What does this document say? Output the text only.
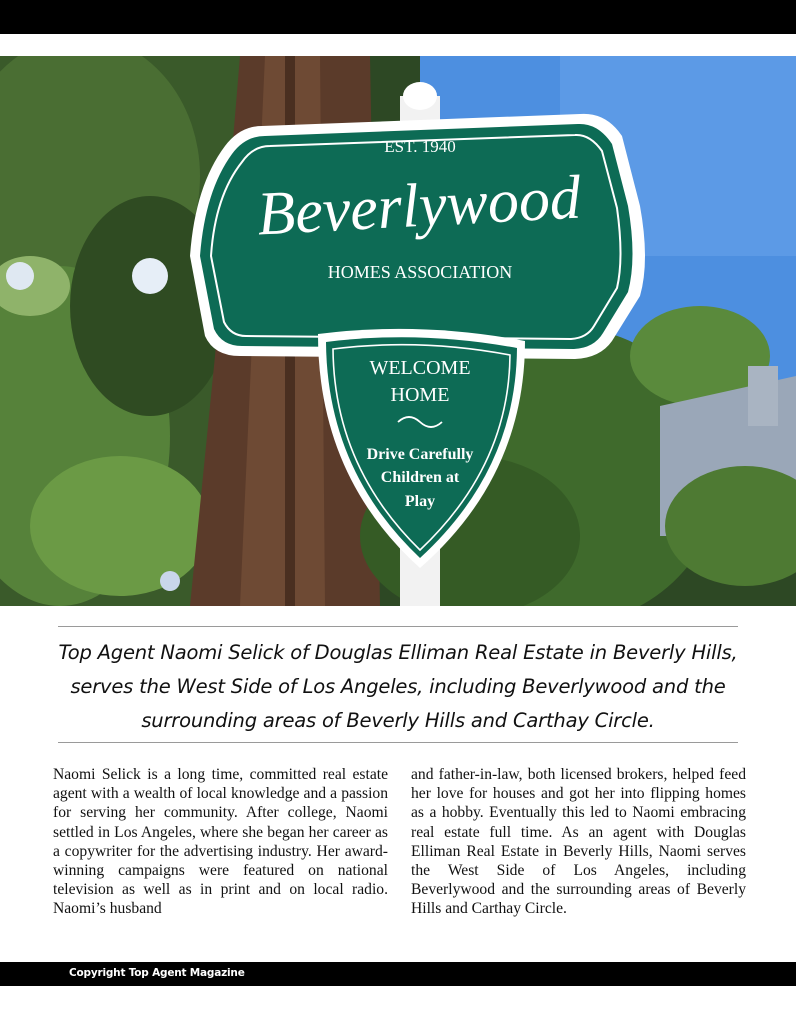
EST. 1940
Beverlywood
HOMES ASSOCIATION
WELCOME
HOME
Drive Carefully
Children at
Play
Top Agent Naomi Selick of Douglas Elliman Real Estate in Beverly Hills, serves the West Side of Los Angeles, including Beverlywood and the surrounding areas of Beverly Hills and Carthay Circle.
Naomi Selick is a long time, committed real estate agent with a wealth of local knowledge and a passion for serving her community. After college, Naomi settled in Los Angeles, where she began her career as a copywriter for the advertising industry. Her award-winning campaigns were featured on national television as well as in print and on local radio. Naomi’s husband
and father-in-law, both licensed brokers, helped feed her love for houses and got her into flipping homes as a hobby. Eventually this led to Naomi embracing real estate full time. As an agent with Douglas Elliman Real Estate in Beverly Hills, Naomi serves the West Side of Los Angeles, including Beverlywood and the surrounding areas of Beverly Hills and Carthay Circle.
Copyright Top Agent Magazine
